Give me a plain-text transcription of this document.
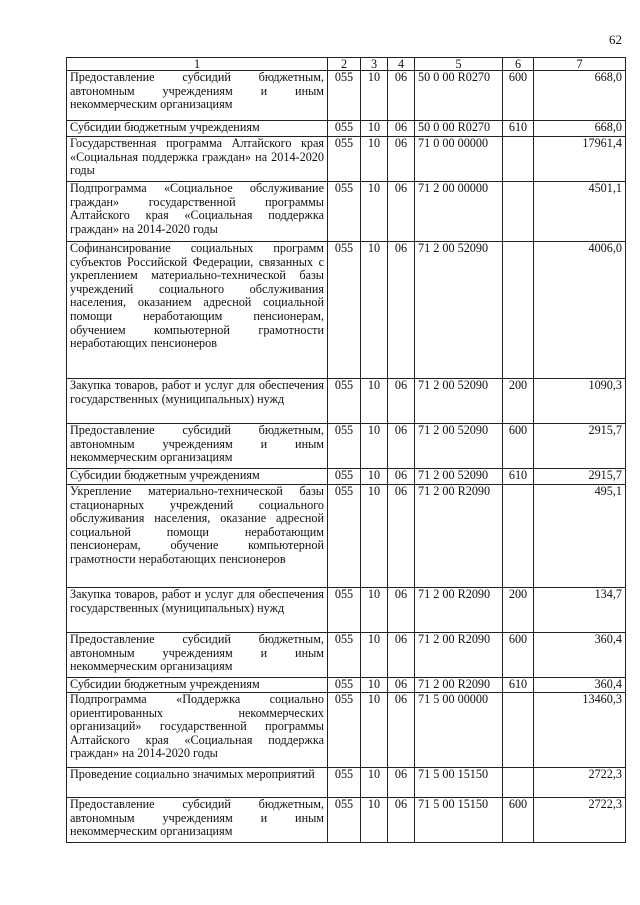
62
1	2	3	4	5	6	7
Предоставление субсидий бюджетным, автономным учреждениям и иным некоммерческим организациям	055	10	06	50 0 00 R0270	600	668,0
Субсидии бюджетным учреждениям	055	10	06	50 0 00 R0270	610	668,0
Государственная программа Алтайского края «Социальная поддержка граждан» на 2014-2020 годы	055	10	06	71 0 00 00000		17961,4
Подпрограмма «Социальное обслуживание граждан» государственной программы Алтайского края «Социальная поддержка граждан» на 2014-2020 годы	055	10	06	71 2 00 00000		4501,1
Софинансирование социальных программ субъектов Российской Федерации, связанных с укреплением материально-технической базы учреждений социального обслуживания населения, оказанием адресной социальной помощи неработающим пенсионерам, обучением компьютерной грамотности неработающих пенсионеров	055	10	06	71 2 00 52090		4006,0
Закупка товаров, работ и услуг для обеспечения государственных (муниципальных) нужд	055	10	06	71 2 00 52090	200	1090,3
Предоставление субсидий бюджетным, автономным учреждениям и иным некоммерческим организациям	055	10	06	71 2 00 52090	600	2915,7
Субсидии бюджетным учреждениям	055	10	06	71 2 00 52090	610	2915,7
Укрепление материально-технической базы стационарных учреждений социального обслуживания населения, оказание адресной социальной помощи неработающим пенсионерам, обучение компьютерной грамотности неработающих пенсионеров	055	10	06	71 2 00 R2090		495,1
Закупка товаров, работ и услуг для обеспечения государственных (муниципальных) нужд	055	10	06	71 2 00 R2090	200	134,7
Предоставление субсидий бюджетным, автономным учреждениям и иным некоммерческим организациям	055	10	06	71 2 00 R2090	600	360,4
Субсидии бюджетным учреждениям	055	10	06	71 2 00 R2090	610	360,4
Подпрограмма «Поддержка социально ориентированных некоммерческих организаций» государственной программы Алтайского края «Социальная поддержка граждан» на 2014-2020 годы	055	10	06	71 5 00 00000		13460,3
Проведение социально значимых мероприятий	055	10	06	71 5 00 15150		2722,3
Предоставление субсидий бюджетным, автономным учреждениям и иным некоммерческим организациям	055	10	06	71 5 00 15150	600	2722,3
